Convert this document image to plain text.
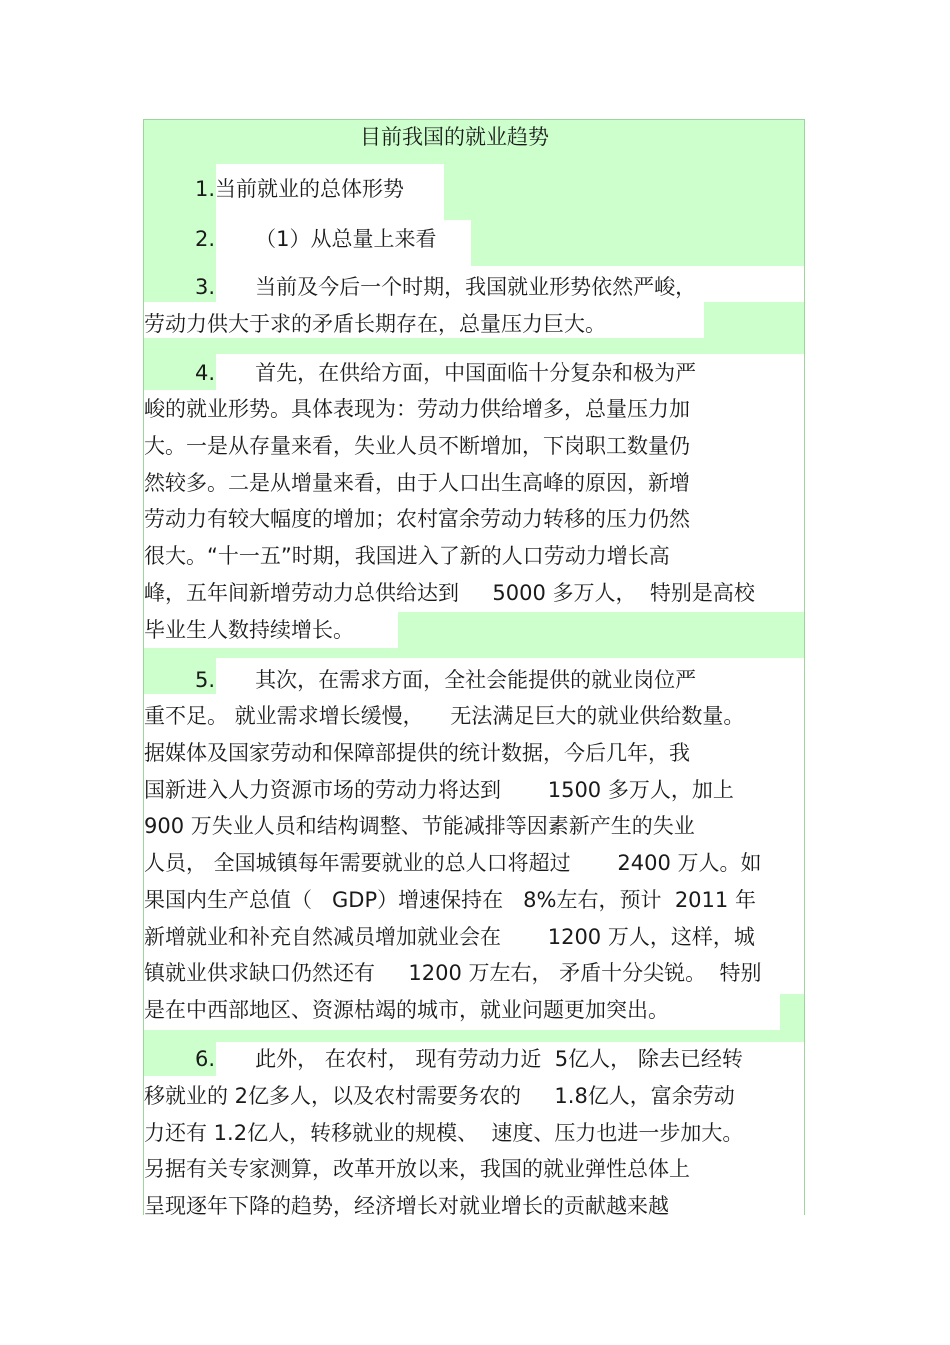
目前我国的就业趋势

1.当前就业的总体形势

2.      （1）从总量上来看

3.      当前及今后一个时期，我国就业形势依然严峻，

劳动力供大于求的矛盾长期存在，总量压力巨大。

4.      首先，在供给方面，中国面临十分复杂和极为严

峻的就业形势。具体表现为：劳动力供给增多，总量压力加

大。一是从存量来看，失业人员不断增加，下岗职工数量仍

然较多。二是从增量来看，由于人口出生高峰的原因，新增

劳动力有较大幅度的增加；农村富余劳动力转移的压力仍然

很大。“十一五”时期，我国进入了新的人口劳动力增长高

峰，五年间新增劳动力总供给达到     5000 多万人，  特别是高校

毕业生人数持续增长。

5.      其次，在需求方面，全社会能提供的就业岗位严

重不足。 就业需求增长缓慢，    无法满足巨大的就业供给数量。

据媒体及国家劳动和保障部提供的统计数据，今后几年，我

国新进入人力资源市场的劳动力将达到       1500 多万人，加上

900 万失业人员和结构调整、节能减排等因素新产生的失业

人员， 全国城镇每年需要就业的总人口将超过       2400 万人。如

果国内生产总值（   GDP）增速保持在   8%左右，预计  2011 年

新增就业和补充自然减员增加就业会在       1200 万人，这样，城

镇就业供求缺口仍然还有     1200 万左右， 矛盾十分尖锐。  特别

是在中西部地区、资源枯竭的城市，就业问题更加突出。

6.      此外， 在农村， 现有劳动力近  5亿人， 除去已经转

移就业的 2亿多人，以及农村需要务农的     1.8亿人，富余劳动

力还有 1.2亿人，转移就业的规模、  速度、压力也进一步加大。

另据有关专家测算，改革开放以来，我国的就业弹性总体上

呈现逐年下降的趋势，经济增长对就业增长的贡献越来越
